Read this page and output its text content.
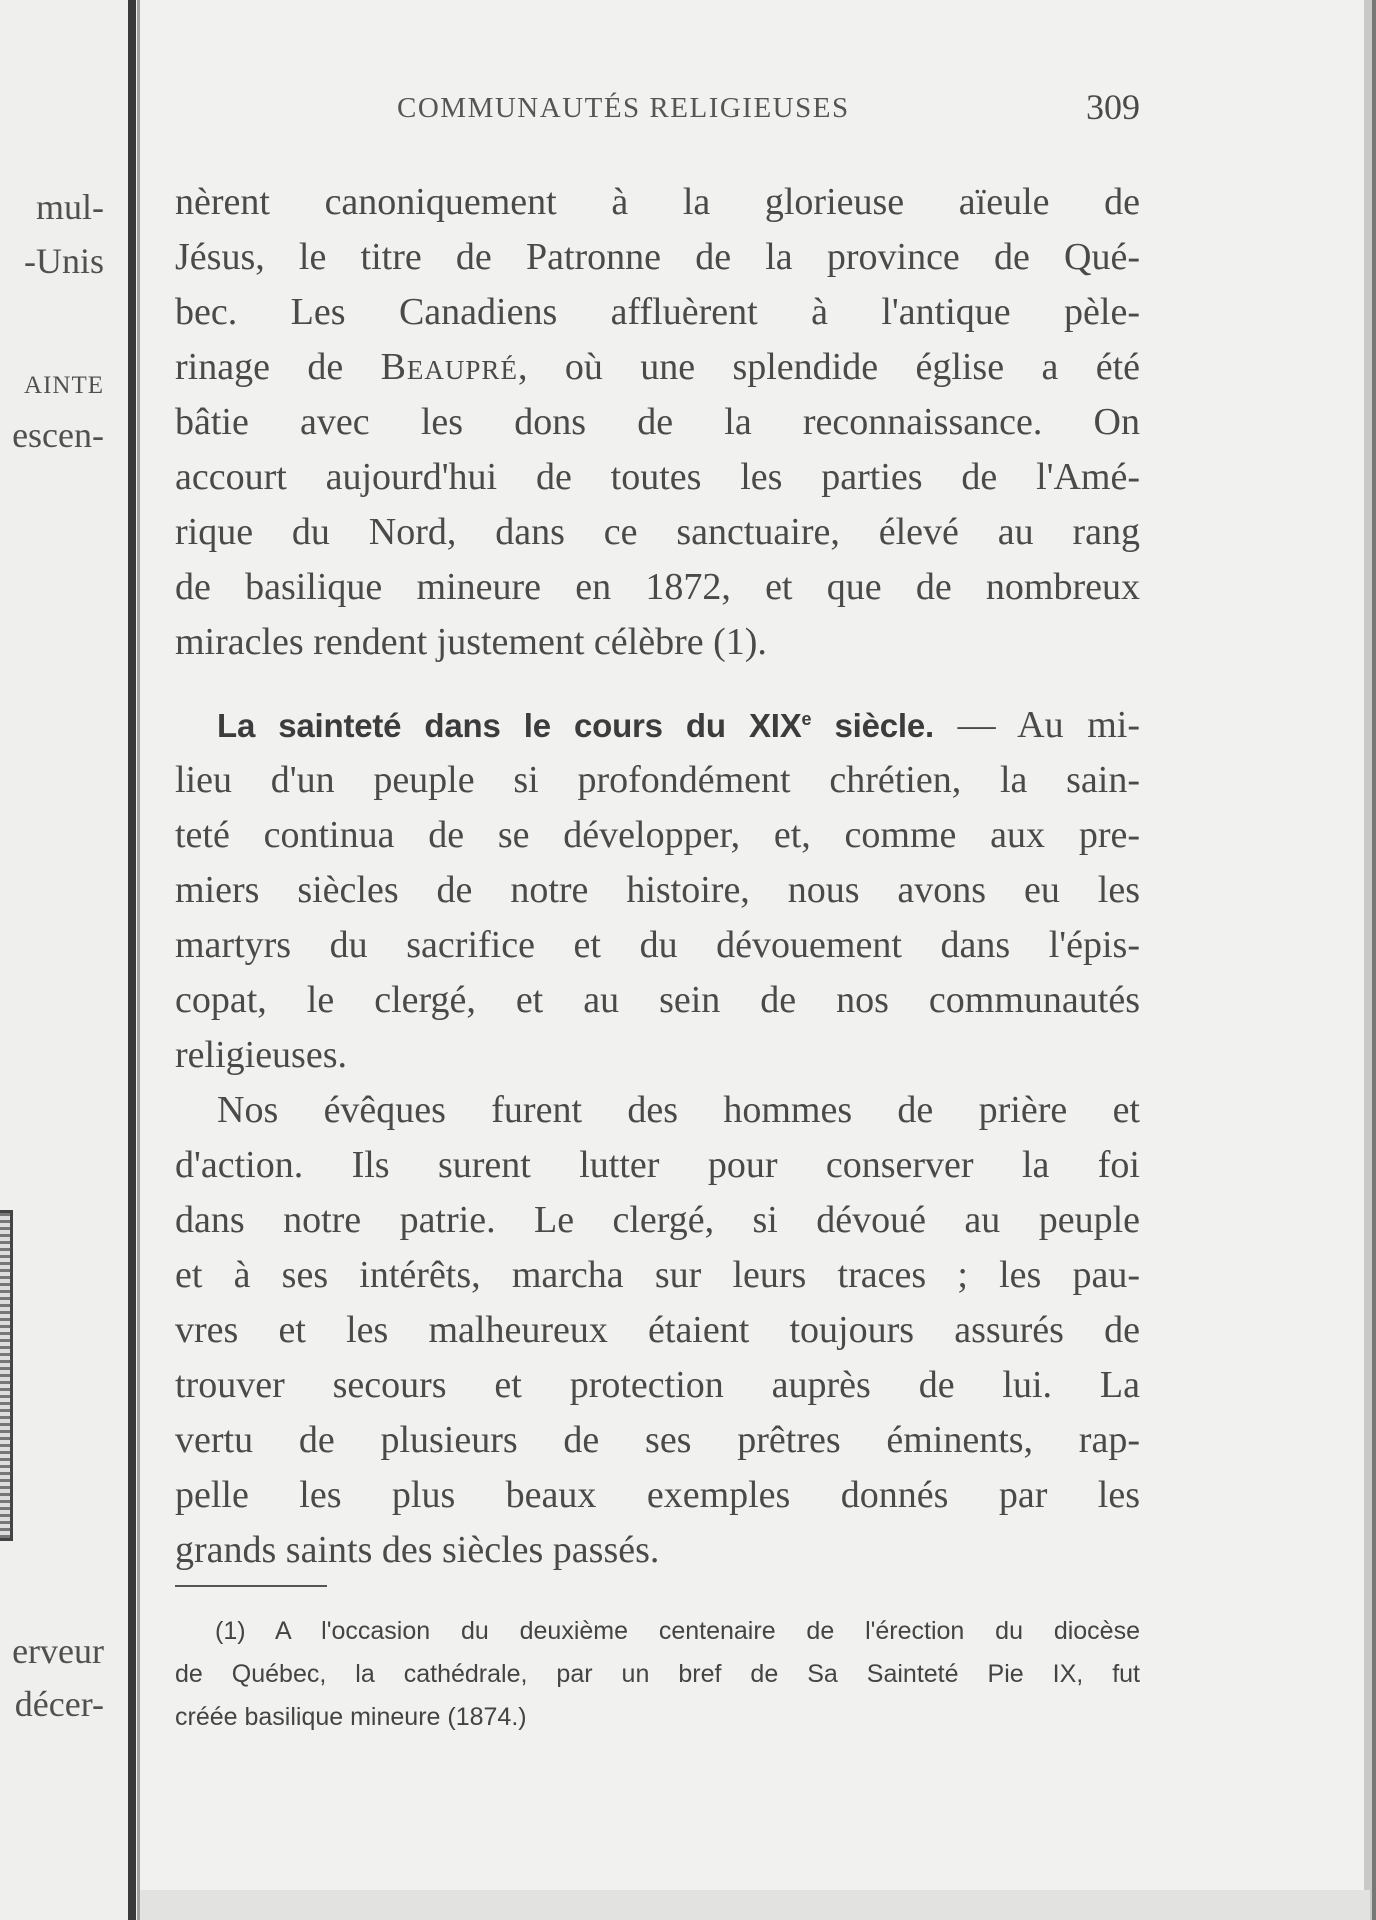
mul-
-Unis
AINTE
escen-
erveur
décer-
COMMUNAUTÉS RELIGIEUSES	309
nèrent canoniquement à la glorieuse aïeule de
Jésus, le titre de Patronne de la province de Qué-
bec. Les Canadiens affluèrent à l'antique pèle-
rinage de Beaupré, où une splendide église a été
bâtie avec les dons de la reconnaissance. On
accourt aujourd'hui de toutes les parties de l'Amé-
rique du Nord, dans ce sanctuaire, élevé au rang
de basilique mineure en 1872, et que de nombreux
miracles rendent justement célèbre (1).
La sainteté dans le cours du XIXe siècle. — Au mi-
lieu d'un peuple si profondément chrétien, la sain-
teté continua de se développer, et, comme aux pre-
miers siècles de notre histoire, nous avons eu les
martyrs du sacrifice et du dévouement dans l'épis-
copat, le clergé, et au sein de nos communautés
religieuses.
Nos évêques furent des hommes de prière et
d'action. Ils surent lutter pour conserver la foi
dans notre patrie. Le clergé, si dévoué au peuple
et à ses intérêts, marcha sur leurs traces ; les pau-
vres et les malheureux étaient toujours assurés de
trouver secours et protection auprès de lui. La
vertu de plusieurs de ses prêtres éminents, rap-
pelle les plus beaux exemples donnés par les
grands saints des siècles passés.
(1) A l'occasion du deuxième centenaire de l'érection du diocèse
de Québec, la cathédrale, par un bref de Sa Sainteté Pie IX, fut
créée basilique mineure (1874.)
